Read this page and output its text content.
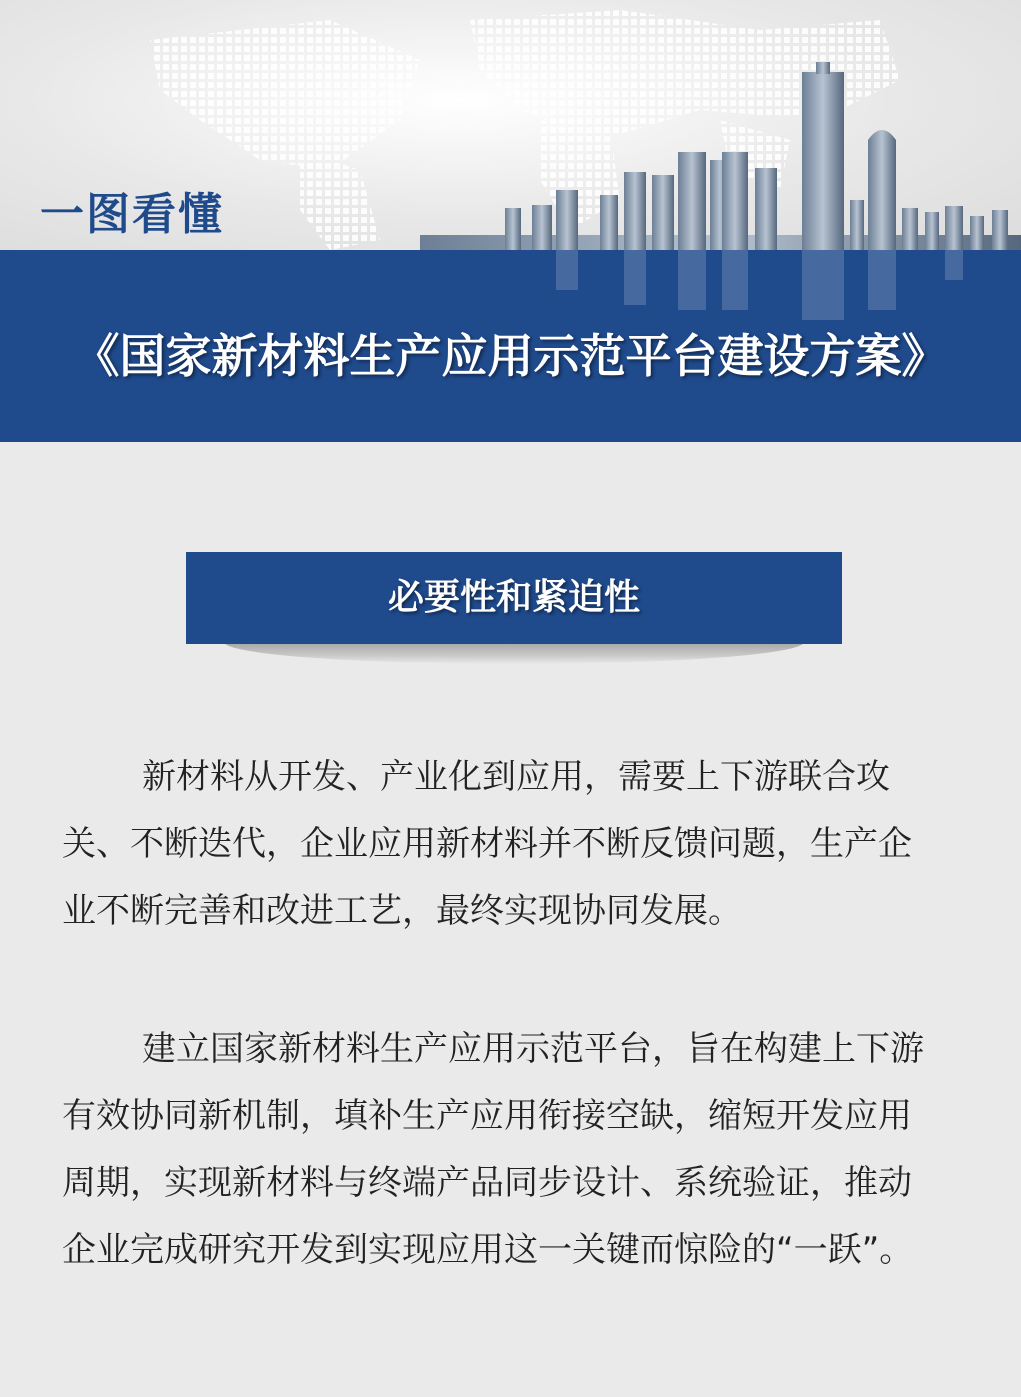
一图看懂
《国家新材料生产应用示范平台建设方案》
必要性和紧迫性

新材料从开发、产业化到应用，需要上下游联合攻关、不断迭代，企业应用新材料并不断反馈问题，生产企业不断完善和改进工艺，最终实现协同发展。

建立国家新材料生产应用示范平台，旨在构建上下游有效协同新机制，填补生产应用衔接空缺，缩短开发应用周期，实现新材料与终端产品同步设计、系统验证，推动企业完成研究开发到实现应用这一关键而惊险的“一跃”。
